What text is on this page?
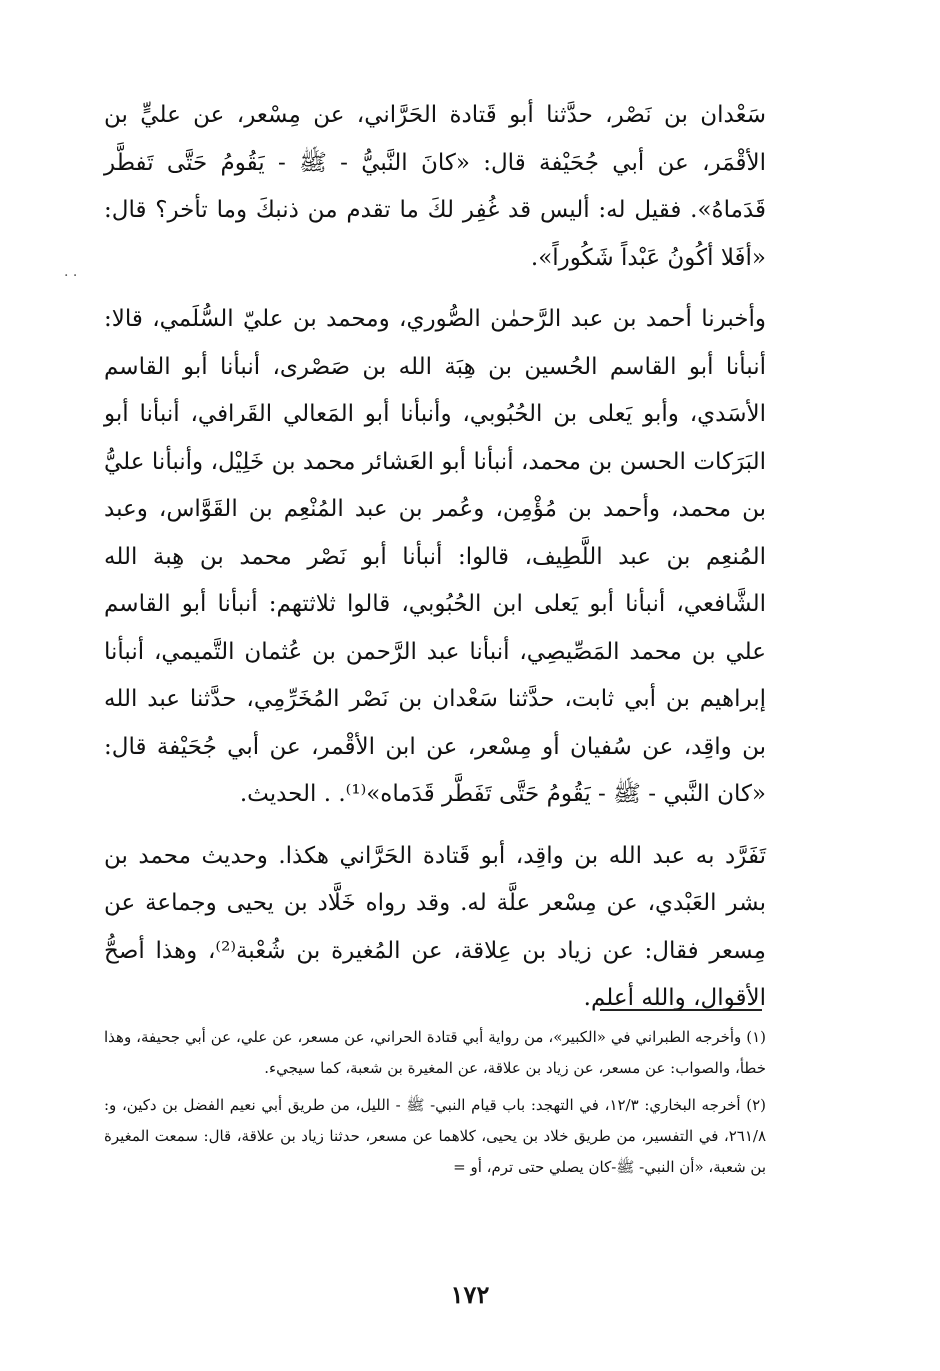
· ·

سَعْدان بن نَصْر، حدَّثنا أبو قَتادة الحَرَّاني، عن مِسْعر، عن عليٍّ بن الأقْمَر، عن أبي جُحَيْفة قال: «كانَ النَّبيُّ - ﷺ - يَقُومُ حَتَّى تَفطَّر قَدَماهُ». فقيل له: أليس قد غُفِر لكَ ما تقدم من ذنبكَ وما تأخر؟ قال: «أفَلا أكُونُ عَبْداً شَكُوراً».

وأخبرنا أحمد بن عبد الرَّحمٰن الصُّوري، ومحمد بن عليّ السُّلَمي، قالا: أنبأنا أبو القاسم الحُسين بن هِبَة الله بن صَصْرى، أنبأنا أبو القاسم الأسَدي، وأبو يَعلى بن الحُبُوبي، وأنبأنا أبو المَعالي القَرافي، أنبأنا أبو البَرَكات الحسن بن محمد، أنبأنا أبو العَشائر محمد بن خَلِيْل، وأنبأنا عليُّ بن محمد، وأحمد بن مُؤْمِن، وعُمر بن عبد المُنْعِم بن القَوَّاس، وعبد المُنعِم بن عبد اللَّطِيف، قالوا: أنبأنا أبو نَصْر محمد بن هِبة الله الشَّافعي، أنبأنا أبو يَعلى ابن الحُبُوبي، قالوا ثلاثتهم: أنبأنا أبو القاسم علي بن محمد المَصِّيصِي، أنبأنا عبد الرَّحمن بن عُثمان التَّميمي، أنبأنا إبراهيم بن أبي ثابت، حدَّثنا سَعْدان بن نَصْر المُخَرِّمِي، حدَّثنا عبد الله بن واقِد، عن سُفيان أو مِسْعر، عن ابن الأقْمر، عن أبي جُحَيْفة قال: «كان النَّبي - ﷺ - يَقُومُ حَتَّى تَفَطَّر قَدَماه»⁽¹⁾. . الحديث.

تَفَرَّد به عبد الله بن واقِد، أبو قَتادة الحَرَّاني هكذا. وحديث محمد بن بشر العَبْدي، عن مِسْعر علَّة له. وقد رواه خَلَّاد بن يحيى وجماعة عن مِسعر فقال: عن زياد بن عِلاقة، عن المُغيرة بن شُعْبة⁽²⁾، وهذا أصحُّ الأقوال، والله أعلم.

(١) وأخرجه الطبراني في «الكبير»، من رواية أبي قتادة الحراني، عن مسعر، عن علي، عن أبي جحيفة، وهذا خطأ، والصواب: عن مسعر، عن زياد بن علاقة، عن المغيرة بن شعبة، كما سيجيء.

(٢) أخرجه البخاري: ١٢/٣، في التهجد: باب قيام النبي- ﷺ - الليل، من طريق أبي نعيم الفضل بن دكين، و: ٢٦١/٨، في التفسير، من طريق خلاد بن يحيى، كلاهما عن مسعر، حدثنا زياد بن علاقة، قال: سمعت المغيرة بن شعبة، «أن النبي- ﷺ-كان يصلي حتى ترم، أو =

١٧٢
